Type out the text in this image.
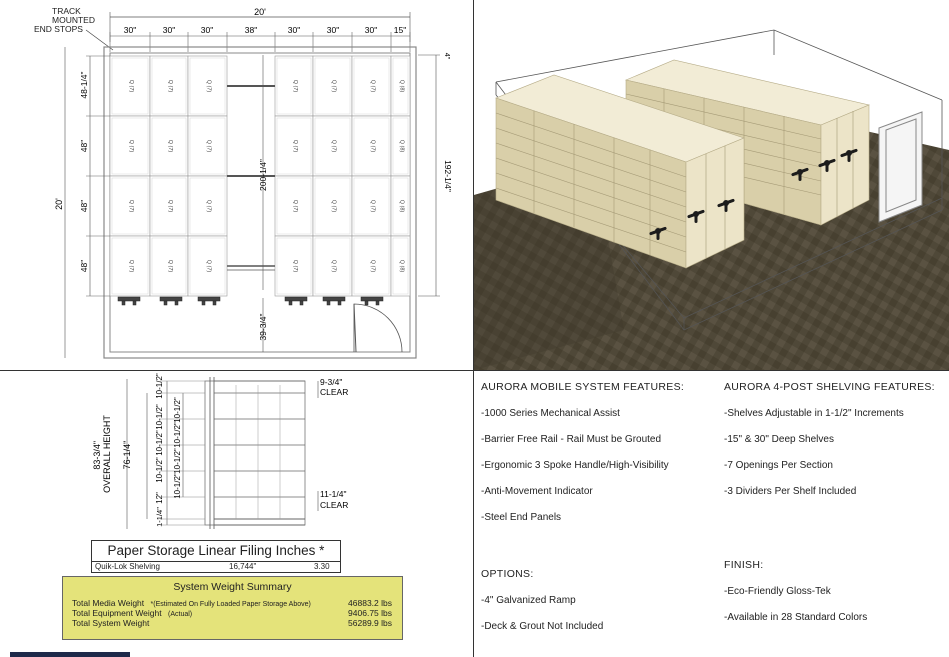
TRACK MOUNTED END STOPS
20'
30"	30"	30"	38"	30"	30"	30" 15"
Q (7)
Q (7)
Q (7)
Q (7)
Q (7)
Q (7)
Q (7)
Q (7)
Q (7)
Q (7)
Q (7)
Q (7)
Q (7)
Q (7)
Q (7)
Q (7)
Q (7)
Q (7)
Q (7)
Q (7)
Q (7)
Q (7)
Q (7)
Q (7)
Q (8)
Q (8)
Q (8)
Q (8)
200-1/4"
39-3/4"
192-1/4"
4"
20'
48-1/4"
48"
48"
48"
83-3/4" OVERALL HEIGHT 76-1/4"
10-1/2"
10-1/2"
10-1/2"
10-1/2"
12"
1-1/4"
10-1/2"
10-1/2"
10-1/2"
10-1/2"
9-3/4" CLEAR
11-1/4" CLEAR
Paper Storage Linear Filing Inches *
Quik-Lok Shelving	16,744"	3.30
System Weight Summary
Total Media Weight *(Estimated On Fully Loaded Paper Storage Above)	46883.2 lbs
Total Equipment Weight (Actual)	9406.75 lbs
Total System Weight	56289.9 lbs
AURORA MOBILE SYSTEM FEATURES:
-1000 Series Mechanical Assist
-Barrier Free Rail - Rail Must be Grouted
-Ergonomic 3 Spoke Handle/High-Visibility
-Anti-Movement Indicator
-Steel End Panels
OPTIONS:
-4" Galvanized Ramp
-Deck & Grout Not Included
AURORA 4-POST SHELVING FEATURES:
-Shelves Adjustable in 1-1/2" Increments
-15" & 30" Deep Shelves
-7 Openings Per Section
-3 Dividers Per Shelf Included
FINISH:
-Eco-Friendly Gloss-Tek
-Available in 28 Standard Colors
